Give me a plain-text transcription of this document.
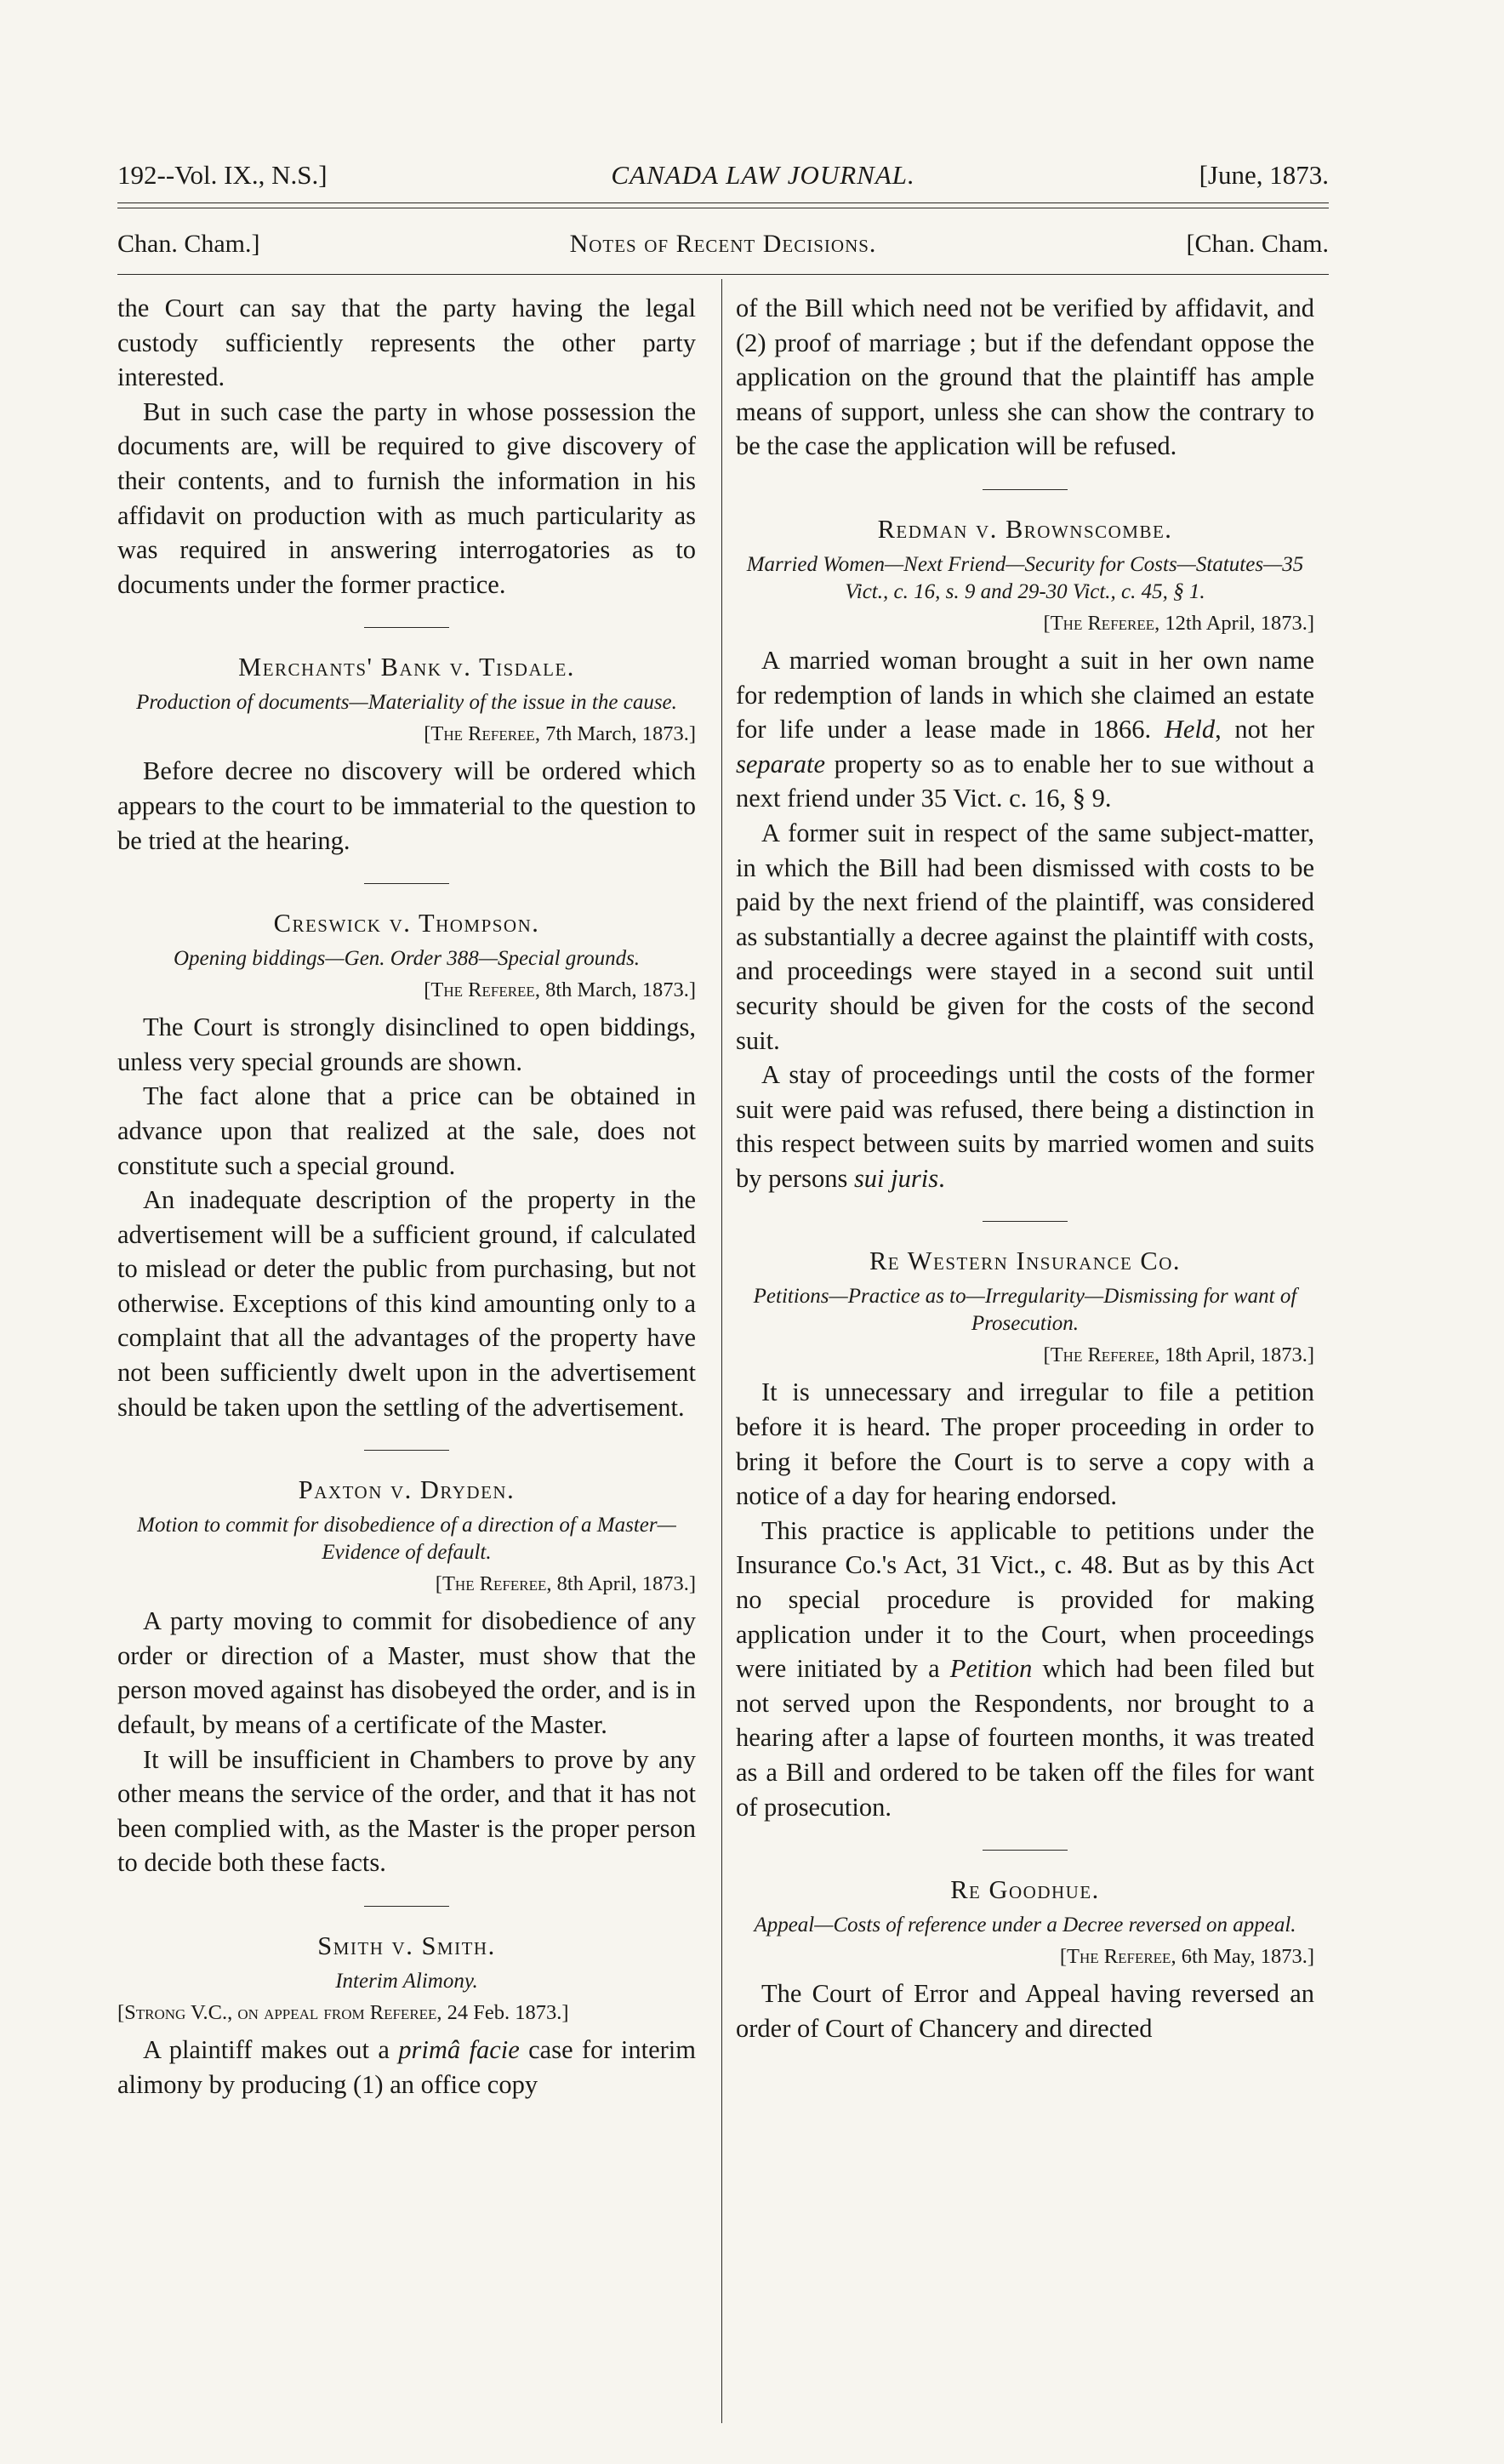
192--Vol. IX., N.S.]	CANADA LAW JOURNAL.	[June, 1873.
Chan. Cham.]	Notes of Recent Decisions.	[Chan. Cham.

the Court can say that the party having the legal custody sufficiently represents the other party interested.

But in such case the party in whose possession the documents are, will be required to give discovery of their contents, and to furnish the information in his affidavit on production with as much particularity as was required in answering interrogatories as to documents under the former practice.

Merchants' Bank v. Tisdale.
Production of documents—Materiality of the issue in the cause.
[The Referee, 7th March, 1873.]

Before decree no discovery will be ordered which appears to the court to be immaterial to the question to be tried at the hearing.

Creswick v. Thompson.
Opening biddings—Gen. Order 388—Special grounds.
[The Referee, 8th March, 1873.]

The Court is strongly disinclined to open biddings, unless very special grounds are shown.

The fact alone that a price can be obtained in advance upon that realized at the sale, does not constitute such a special ground.

An inadequate description of the property in the advertisement will be a sufficient ground, if calculated to mislead or deter the public from purchasing, but not otherwise. Exceptions of this kind amounting only to a complaint that all the advantages of the property have not been sufficiently dwelt upon in the advertisement should be taken upon the settling of the advertisement.

Paxton v. Dryden.
Motion to commit for disobedience of a direction of a Master—Evidence of default.
[The Referee, 8th April, 1873.]

A party moving to commit for disobedience of any order or direction of a Master, must show that the person moved against has disobeyed the order, and is in default, by means of a certificate of the Master.

It will be insufficient in Chambers to prove by any other means the service of the order, and that it has not been complied with, as the Master is the proper person to decide both these facts.

Smith v. Smith.
Interim Alimony.
[Strong V.C., on appeal from Referee, 24 Feb. 1873.]

A plaintiff makes out a primâ facie case for interim alimony by producing (1) an office copy

of the Bill which need not be verified by affidavit, and (2) proof of marriage ; but if the defendant oppose the application on the ground that the plaintiff has ample means of support, unless she can show the contrary to be the case the application will be refused.

Redman v. Brownscombe.
Married Women—Next Friend—Security for Costs—Statutes—35 Vict., c. 16, s. 9 and 29-30 Vict., c. 45, § 1.
[The Referee, 12th April, 1873.]

A married woman brought a suit in her own name for redemption of lands in which she claimed an estate for life under a lease made in 1866. Held, not her separate property so as to enable her to sue without a next friend under 35 Vict. c. 16, § 9.

A former suit in respect of the same subject-matter, in which the Bill had been dismissed with costs to be paid by the next friend of the plaintiff, was considered as substantially a decree against the plaintiff with costs, and proceedings were stayed in a second suit until security should be given for the costs of the second suit.

A stay of proceedings until the costs of the former suit were paid was refused, there being a distinction in this respect between suits by married women and suits by persons sui juris.

Re Western Insurance Co.
Petitions—Practice as to—Irregularity—Dismissing for want of Prosecution.
[The Referee, 18th April, 1873.]

It is unnecessary and irregular to file a petition before it is heard. The proper proceeding in order to bring it before the Court is to serve a copy with a notice of a day for hearing endorsed.

This practice is applicable to petitions under the Insurance Co.'s Act, 31 Vict., c. 48. But as by this Act no special procedure is provided for making application under it to the Court, when proceedings were initiated by a Petition which had been filed but not served upon the Respondents, nor brought to a hearing after a lapse of fourteen months, it was treated as a Bill and ordered to be taken off the files for want of prosecution.

Re Goodhue.
Appeal—Costs of reference under a Decree reversed on appeal.
[The Referee, 6th May, 1873.]

The Court of Error and Appeal having reversed an order of Court of Chancery and directed
